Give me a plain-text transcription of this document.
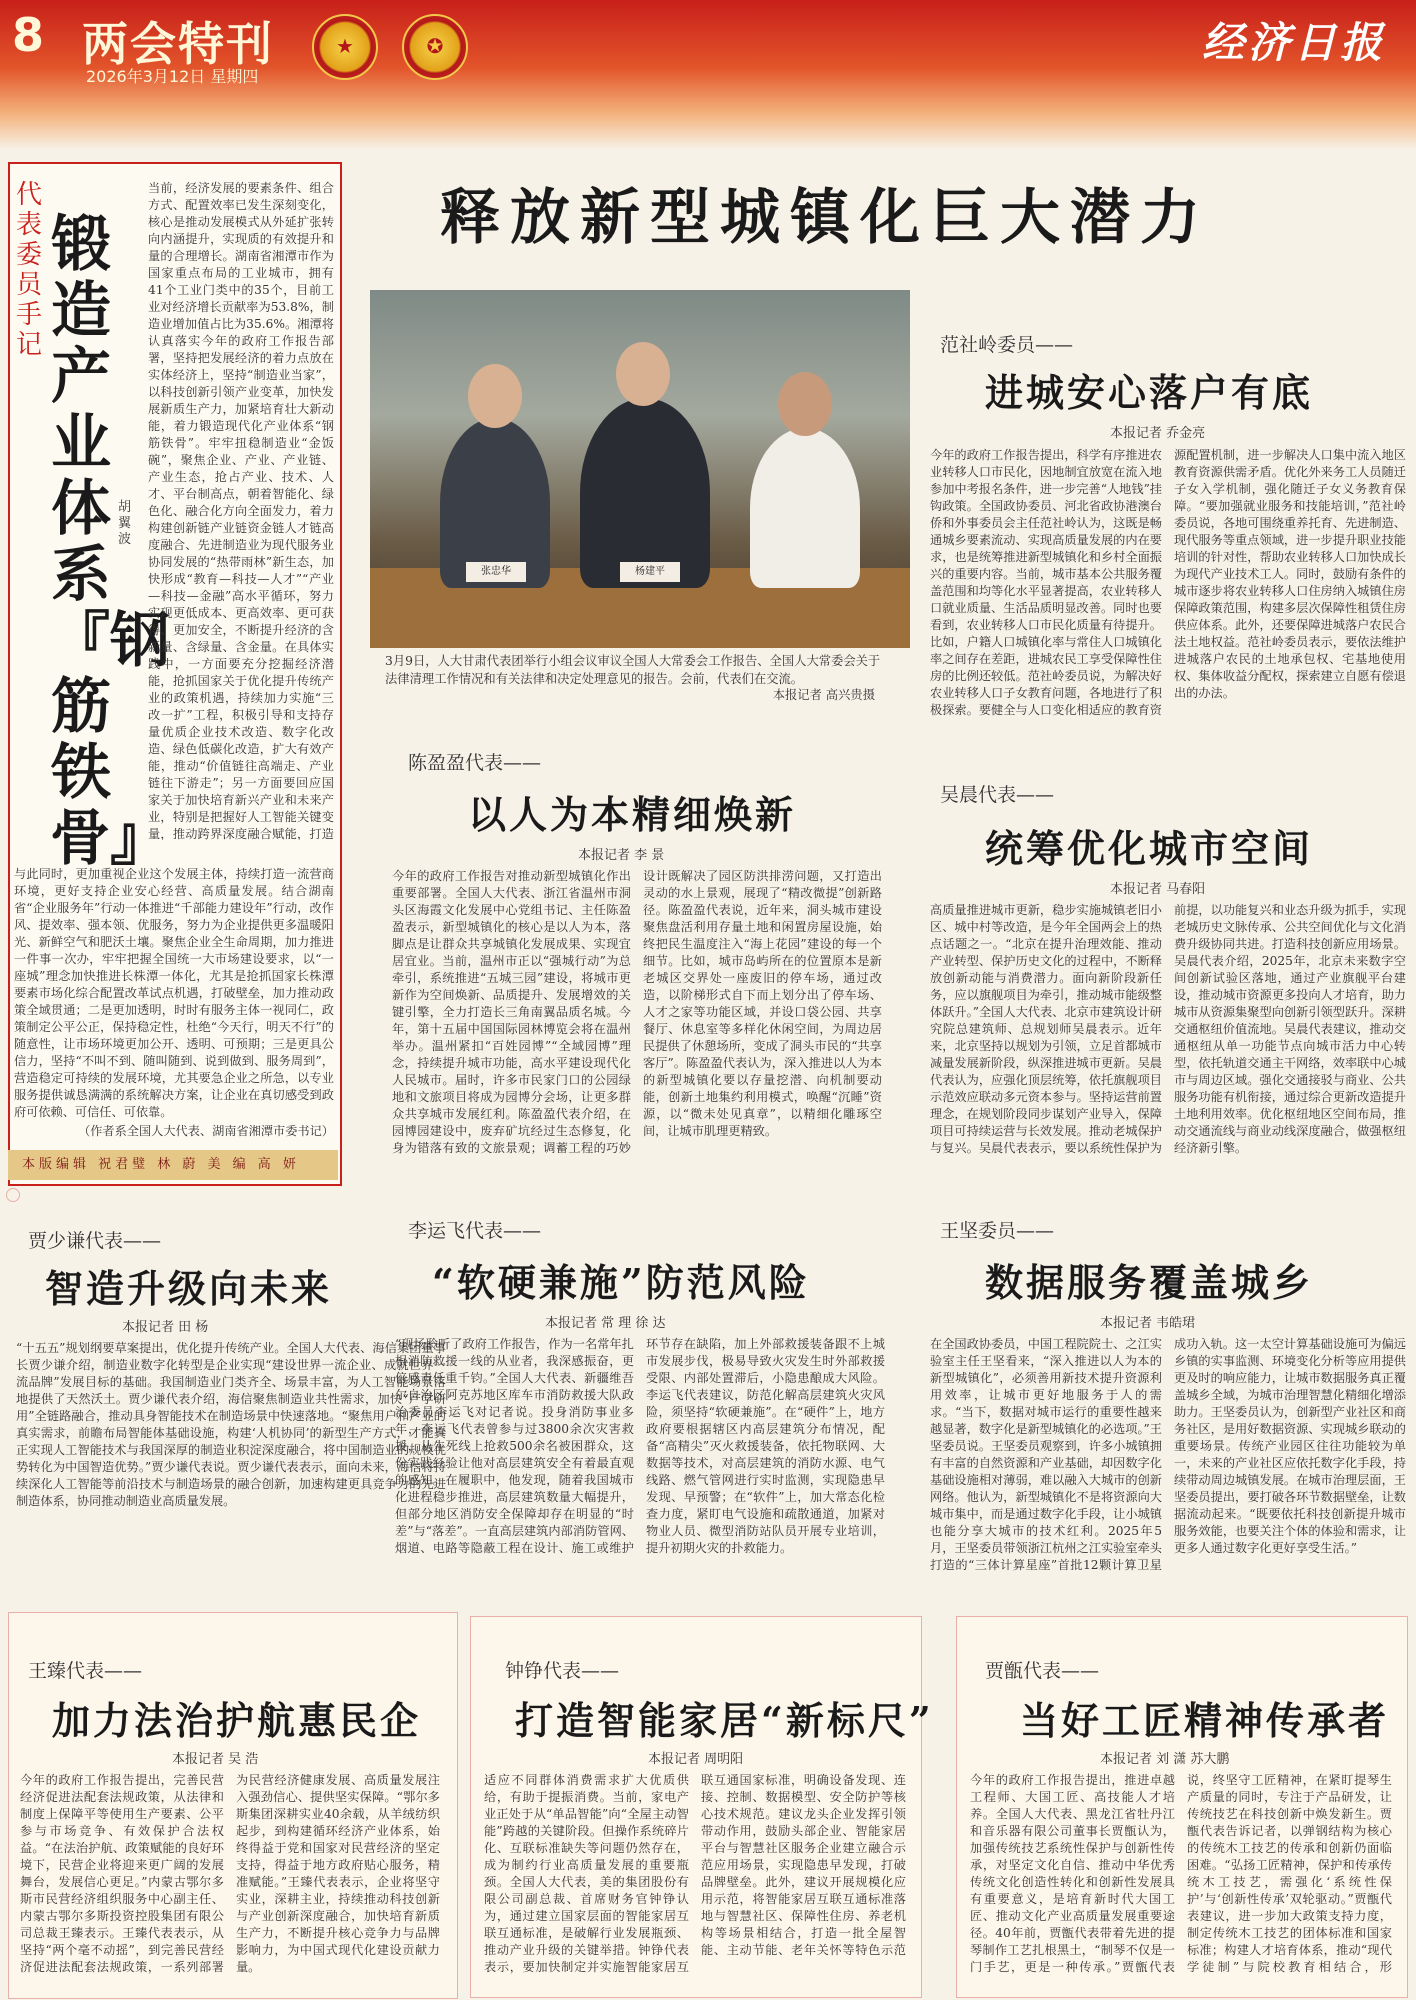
8 两会特刊
2026年3月12日 星期四
★	✪	经济日报
释放新型城镇化巨大潜力
代表委员手记
锻造产业体系『钢筋铁骨』
胡翼波
当前，经济发展的要素条件、组合方式、配置效率已发生深刻变化，核心是推动发展模式从外延扩张转向内涵提升，实现质的有效提升和量的合理增长。湖南省湘潭市作为国家重点布局的工业城市，拥有41个工业门类中的35个，目前工业对经济增长贡献率为53.8%，制造业增加值占比为35.6%。湘潭将认真落实今年的政府工作报告部署，坚持把发展经济的着力点放在实体经济上，坚持“制造业当家”，以科技创新引领产业变革，加快发展新质生产力，加紧培育壮大新动能，着力锻造现代化产业体系“钢筋铁骨”。牢牢扭稳制造业“金饭碗”，聚焦企业、产业、产业链、产业生态，抢占产业、技术、人才、平台制高点，朝着智能化、绿色化、融合化方向全面发力，着力构建创新链产业链资金链人才链高度融合、先进制造业为现代服务业协同发展的“热带雨林”新生态，加快形成“教育—科技—人才”“产业—科技—金融”高水平循环，努力实现更低成本、更高效率、更可获得、更加安全，不断提升经济的含新量、含绿量、含金量。在具体实践中，一方面要充分挖掘经济潜能，抢抓国家关于优化提升传统产业的政策机遇，持续加力实施“三改一扩”工程，积极引导和支持存量优质企业技术改造、数字化改造、绿色低碳化改造，扩大有效产能，推动“价值链往高端走、产业链往下游走”；另一方面要回应国家关于加快培育新兴产业和未来产业，特别是把握好人工智能关键变量，推动跨界深度融合赋能，打造
与此同时，更加重视企业这个发展主体，持续打造一流营商环境，更好支持企业安心经营、高质量发展。结合湖南省“企业服务年”行动一体推进“千部能力建设年”行动，改作风、提效率、强本领、优服务，努力为企业提供更多温暖阳光、新鲜空气和肥沃土壤。聚焦企业全生命周期，加力推进一件事一次办，牢牢把握全国统一大市场建设要求，以“一座城”理念加快推进长株潭一体化，尤其是抢抓国家长株潭要素市场化综合配置改革试点机遇，打破壁垒，加力推动政策全域贯通；二是更加透明，时时有服务主体一视同仁，政策制定公平公正，保持稳定性，杜绝“今天行，明天不行”的随意性，让市场环境更加公开、透明、可预期；三是更具公信力，坚持“不叫不到、随叫随到、说到做到、服务周到”，营造稳定可持续的发展环境，尤其要急企业之所急，以专业服务提供诚恳满满的系统解决方案，让企业在真切感受到政府可依赖、可信任、可依靠。
（作者系全国人大代表、湖南省湘潭市委书记）
本版编辑 祝君璧 林 蔚 美 编 高 妍
张忠华	杨建平
3月9日，人大甘肃代表团举行小组会议审议全国人大常委会工作报告、全国人大常委会关于法律清理工作情况和有关法律和决定处理意见的报告。会前，代表们在交流。
本报记者 高兴贵摄
范社岭委员——
进城安心落户有底
本报记者 乔金亮
今年的政府工作报告提出，科学有序推进农业转移人口市民化，因地制宜放宽在流入地参加中考报名条件，进一步完善“人地钱”挂钩政策。全国政协委员、河北省政协港澳台侨和外事委员会主任范社岭认为，这既是畅通城乡要素流动、实现高质量发展的内在要求，也是统筹推进新型城镇化和乡村全面振兴的重要内容。当前，城市基本公共服务覆盖范围和均等化水平显著提高，农业转移人口就业质量、生活品质明显改善。同时也要看到，农业转移人口市民化质量有待提升。比如，户籍人口城镇化率与常住人口城镇化率之间存在差距，进城农民工享受保障性住房的比例还较低。范社岭委员说，为解决好农业转移人口子女教育问题，各地进行了积极探索。要健全与人口变化相适应的教育资源配置机制，进一步解决人口集中流入地区教育资源供需矛盾。优化外来务工人员随迁子女入学机制，强化随迁子女义务教育保障。“要加强就业服务和技能培训，”范社岭委员说，各地可围绕重养托育、先进制造、现代服务等重点领域，进一步提升职业技能培训的针对性，帮助农业转移人口加快成长为现代产业技术工人。同时，鼓励有条件的城市逐步将农业转移人口住房纳入城镇住房保障政策范围，构建多层次保障性租赁住房供应体系。此外，还要保障进城落户农民合法土地权益。范社岭委员表示，要依法维护进城落户农民的土地承包权、宅基地使用权、集体收益分配权，探索建立自愿有偿退出的办法。
陈盈盈代表——
以人为本精细焕新
本报记者 李 景
今年的政府工作报告对推动新型城镇化作出重要部署。全国人大代表、浙江省温州市洞头区海霞文化发展中心党组书记、主任陈盈盈表示，新型城镇化的核心是以人为本，落脚点是让群众共享城镇化发展成果、实现宜居宜业。当前，温州市正以“强城行动”为总牵引，系统推进“五城三园”建设，将城市更新作为空间焕新、品质提升、发展增效的关键引擎，全力打造长三角南翼品质名城。今年，第十五届中国国际园林博览会将在温州举办。温州紧扣“百姓园博”“全域园博”理念，持续提升城市功能，高水平建设现代化人民城市。届时，许多市民家门口的公园绿地和文旅项目将成为园博分会场，让更多群众共享城市发展红利。陈盈盈代表介绍，在园博园建设中，废弃矿坑经过生态修复，化身为错落有致的文旅景观；调蓄工程的巧妙设计既解决了园区防洪排涝问题，又打造出灵动的水上景观，展现了“精改微提”创新路径。陈盈盈代表说，近年来，洞头城市建设聚焦盘活利用存量土地和闲置房屋设施，始终把民生温度注入“海上花园”建设的每一个细节。比如，城市岛屿所在的位置原本是新老城区交界处一座废旧的停车场，通过改造，以阶梯形式自下而上划分出了停车场、人才之家等功能区域，并设口袋公园、共享餐厅、休息室等多样化休闲空间，为周边居民提供了休憩场所，变成了洞头市民的“共享客厅”。陈盈盈代表认为，深入推进以人为本的新型城镇化要以存量挖潜、向机制要动能，创新土地集约利用模式，唤醒“沉睡”资源，以“微未处见真章”，以精细化雕琢空间，让城市肌理更精致。
吴晨代表——
统筹优化城市空间
本报记者 马春阳
高质量推进城市更新，稳步实施城镇老旧小区、城中村等改造，是今年全国两会上的热点话题之一。“北京在提升治理效能、推动产业转型、保护历史文化的过程中，不断释放创新动能与消费潜力。面向新阶段新任务，应以旗舰项目为牵引，推动城市能级整体跃升。”全国人大代表、北京市建筑设计研究院总建筑师、总规划师吴晨表示。近年来，北京坚持以规划为引领，立足首都城市减量发展新阶段，纵深推进城市更新。吴晨代表认为，应强化顶层统筹，依托旗舰项目示范效应联动多元资本参与。坚持运营前置理念，在规划阶段同步谋划产业导入，保障项目可持续运营与长效发展。推动老城保护与复兴。吴晨代表表示，要以系统性保护为前提，以功能复兴和业态升级为抓手，实现老城历史文脉传承、公共空间优化与文化消费升级协同共进。打造科技创新应用场景。吴晨代表介绍，2025年，北京未来数字空间创新试验区落地，通过产业旗舰平台建设，推动城市资源更多投向人才培育，助力城市从资源集聚型向创新引领型跃升。深耕交通枢纽价值流地。吴晨代表建议，推动交通枢纽从单一功能节点向城市活力中心转型，依托轨道交通主干网络，效率联中心城市与周边区域。强化交通接驳与商业、公共服务功能有机衔接，通过综合更新改造提升土地利用效率。优化枢纽地区空间布局，推动交通流线与商业动线深度融合，做强枢纽经济新引擎。
贾少谦代表——
智造升级向未来
本报记者 田 杨
“十五五”规划纲要草案提出，优化提升传统产业。全国人大代表、海信集团董事长贾少谦介绍，制造业数字化转型是企业实现“建设世界一流企业、成就世界一流品牌”发展目标的基础。我国制造业门类齐全、场景丰富，为人工智能场景落地提供了天然沃土。贾少谦代表介绍，海信聚焦制造业共性需求，加快“产学研用”全链路融合，推动具身智能技术在制造场景中快速落地。“聚焦用户和产业的真实需求，前瞻布局智能体基础设施，构建‘人机协同’的新型生产方式，才能真正实现人工智能技术与我国深厚的制造业积淀深度融合，将中国制造业的规模优势转化为中国智造优势。”贾少谦代表说。贾少谦代表表示，面向未来，海信将持续深化人工智能等前沿技术与制造场景的融合创新，加速构建更具竞争力的先进制造体系，协同推动制造业高质量发展。
李运飞代表——
“软硬兼施”防范风险
本报记者 常 理 徐 达
“现场聆听了政府工作报告，作为一名常年扎根消防救援一线的从业者，我深感振奋，更倍感责任重千钧。”全国人大代表、新疆维吾尔自治区阿克苏地区库车市消防救援大队政治委员李运飞对记者说。投身消防事业多年，李运飞代表曾参与过3800余次灾害救援，从生死线上抢救500余名被困群众，这份实践经验让他对高层建筑安全有着最直观的感知。在履职中，他发现，随着我国城市化进程稳步推进，高层建筑数量大幅提升，但部分地区消防安全保障却存在明显的“时差”与“落差”。一直高层建筑内部消防管网、烟道、电路等隐蔽工程在设计、施工或维护环节存在缺陷，加上外部救援装备跟不上城市发展步伐，极易导致火灾发生时外部救援受限、内部处置滞后，小隐患酿成大风险。李运飞代表建议，防范化解高层建筑火灾风险，须坚持“软硬兼施”。在“硬件”上，地方政府要根据辖区内高层建筑分布情况，配备“高精尖”灭火救援装备，依托物联网、大数据等技术，对高层建筑的消防水源、电气线路、燃气管网进行实时监测，实现隐患早发现、早预警；在“软件”上，加大常态化检查力度，紧盯电气设施和疏散通道，加紧对物业人员、微型消防站队员开展专业培训，提升初期火灾的扑救能力。
王坚委员——
数据服务覆盖城乡
本报记者 韦皓珺
在全国政协委员，中国工程院院士、之江实验室主任王坚看来，“深入推进以人为本的新型城镇化”，必须善用新技术提升资源利用效率，让城市更好地服务于人的需求。“当下，数据对城市运行的重要性越来越显著，数字化是新型城镇化的必选项。”王坚委员说。王坚委员观察到，许多小城镇拥有丰富的自然资源和产业基础，却因数字化基础设施相对薄弱，难以融入大城市的创新网络。他认为，新型城镇化不是将资源向大城市集中，而是通过数字化手段，让小城镇也能分享大城市的技术红利。2025年5月，王坚委员带领浙江杭州之江实验室牵头打造的“三体计算星座”首批12颗计算卫星成功入轨。这一太空计算基础设施可为偏远乡镇的实事监测、环境变化分析等应用提供更及时的响应能力，让城市数据服务真正覆盖城乡全域，为城市治理智慧化精细化增添助力。王坚委员认为，创新型产业社区和商务社区，是用好数据资源、实现城乡联动的重要场景。传统产业园区往往功能较为单一，未来的产业社区应依托数字化手段，持续带动周边城镇发展。在城市治理层面，王坚委员提出，要打破各环节数据壁垒，让数据流动起来。“既要依托科技创新提升城市服务效能，也要关注个体的体验和需求，让更多人通过数字化更好享受生活。”
王臻代表——
加力法治护航惠民企
本报记者 吴 浩
今年的政府工作报告提出，完善民营经济促进法配套法规政策，从法律和制度上保障平等使用生产要素、公平参与市场竞争、有效保护合法权益。“在法治护航、政策赋能的良好环境下，民营企业将迎来更广阔的发展舞台，发展信心更足。”内蒙古鄂尔多斯市民营经济组织服务中心副主任、内蒙古鄂尔多斯投资控股集团有限公司总裁王臻表示。王臻代表表示，从坚持“两个毫不动摇”，到完善民营经济促进法配套法规政策，一系列部署为民营经济健康发展、高质量发展注入强劲信心、提供坚实保障。“鄂尔多斯集团深耕实业40余载，从羊绒纺织起步，到构建循环经济产业体系，始终得益于党和国家对民营经济的坚定支持，得益于地方政府贴心服务，精准赋能。”王臻代表表示，企业将坚守实业，深耕主业，持续推动科技创新与产业创新深度融合，加快培育新质生产力，不断提升核心竞争力与品牌影响力，为中国式现代化建设贡献力量。
钟铮代表——
打造智能家居“新标尺”
本报记者 周明阳
适应不同群体消费需求扩大优质供给，有助于提振消费。当前，家电产业正处于从“单品智能”向“全屋主动智能”跨越的关键阶段。但操作系统碎片化、互联标准缺失等问题仍然存在，成为制约行业高质量发展的重要瓶颈。全国人大代表，美的集团股份有限公司副总裁、首席财务官钟铮认为，通过建立国家层面的智能家居互联互通标准，是破解行业发展瓶颈、推动产业升级的关键举措。钟铮代表表示，要加快制定并实施智能家居互联互通国家标准，明确设备发现、连接、控制、数据模型、安全防护等核心技术规范。建议龙头企业发挥引领带动作用，鼓励头部企业、智能家居平台与智慧社区服务企业建立融合示范应用场景，实现隐患早发现，打破品牌壁垒。此外，建议开展规模化应用示范，将智能家居互联互通标准落地与智慧社区、保障性住房、养老机构等场景相结合，打造一批全屋智能、主动节能、老年关怀等特色示范
贾甑代表——
当好工匠精神传承者
本报记者 刘 潇 苏大鹏
今年的政府工作报告提出，推进卓越工程师、大国工匠、高技能人才培养。全国人大代表、黑龙江省牡丹江和音乐器有限公司董事长贾甑认为，加强传统技艺系统性保护与创新性传承，对坚定文化自信、推动中华优秀传统文化创造性转化和创新性发展具有重要意义，是培育新时代大国工匠、推动文化产业高质量发展重要途径。40年前，贾甑代表带着先进的提琴制作工艺扎根黑土，“制琴不仅是一门手艺，更是一种传承。”贾甑代表说，终坚守工匠精神，在紧盯提琴生产质量的同时，专注于产品研发，让传统技艺在科技创新中焕发新生。贾甑代表告诉记者，以弹钢结构为核心的传统木工技艺的传承和创新仍面临困难。“弘扬工匠精神，保护和传承传统木工技艺，需强化‘系统性保护’与‘创新性传承’双轮驱动。”贾甑代表建议，进一步加大政策支持力度，制定传统木工技艺的团体标准和国家标准；构建人才培育体系，推动“现代学徒制”与院校教育相结合，形
